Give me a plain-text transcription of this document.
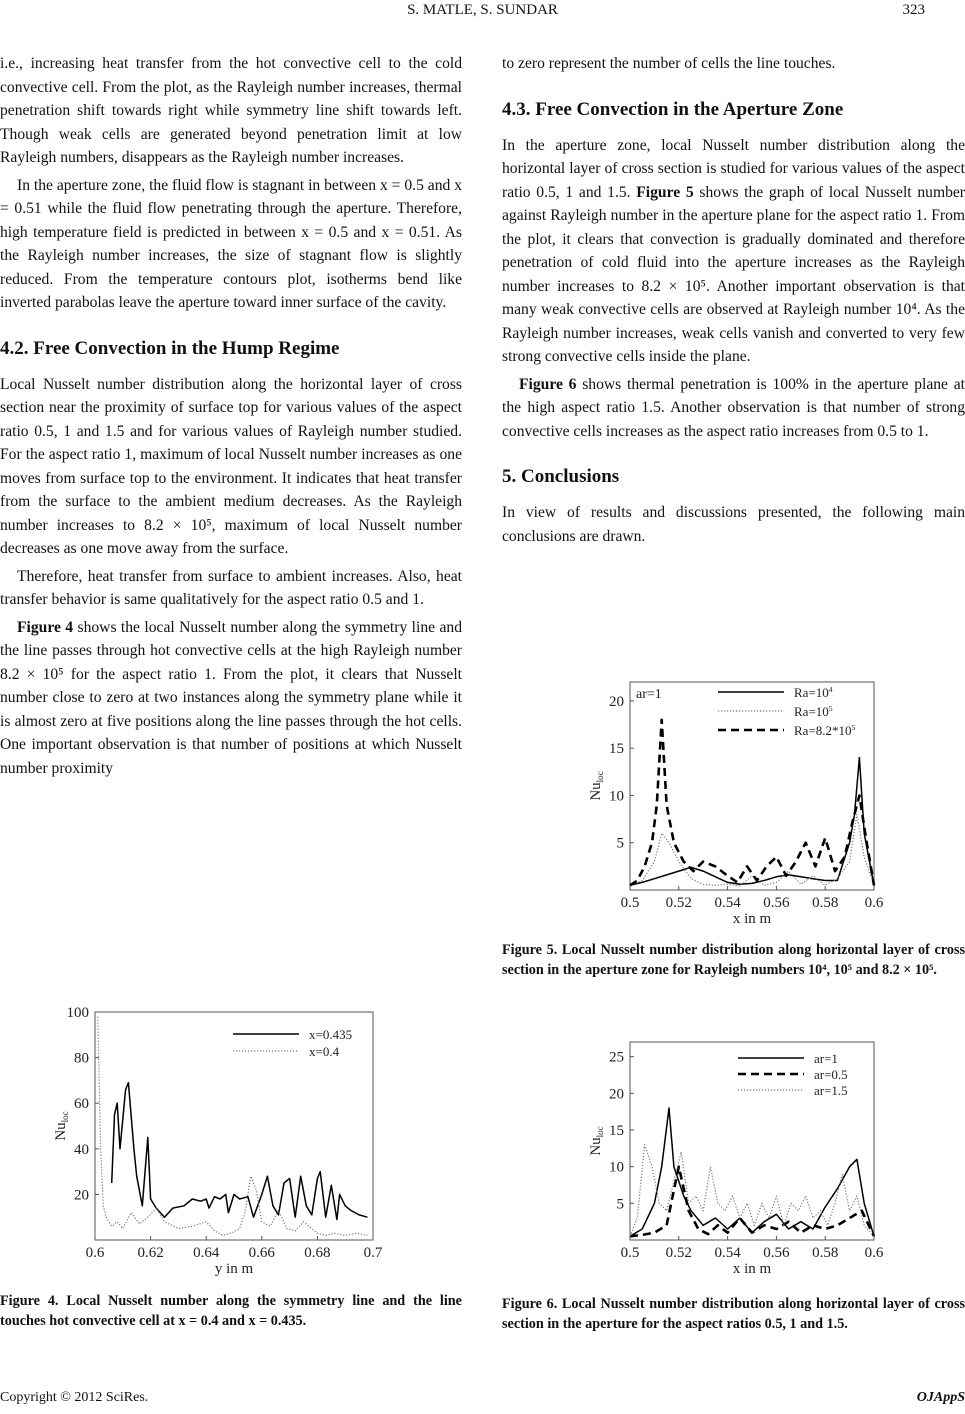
S. MATLE, S. SUNDAR	323

i.e., increasing heat transfer from the hot convective cell to the cold convective cell. From the plot, as the Rayleigh number increases, thermal penetration shift towards right while symmetry line shift towards left. Though weak cells are generated beyond penetration limit at low Rayleigh numbers, disappears as the Rayleigh number increases.

In the aperture zone, the fluid flow is stagnant in between x = 0.5 and x = 0.51 while the fluid flow penetrating through the aperture. Therefore, high temperature field is predicted in between x = 0.5 and x = 0.51. As the Rayleigh number increases, the size of stagnant flow is slightly reduced. From the temperature contours plot, isotherms bend like inverted parabolas leave the aperture toward inner surface of the cavity.

4.2. Free Convection in the Hump Regime

Local Nusselt number distribution along the horizontal layer of cross section near the proximity of surface top for various values of the aspect ratio 0.5, 1 and 1.5 and for various values of Rayleigh number studied. For the aspect ratio 1, maximum of local Nusselt number increases as one moves from surface top to the environment. It indicates that heat transfer from the surface to the ambient medium decreases. As the Rayleigh number increases to 8.2 × 10⁵, maximum of local Nusselt number decreases as one move away from the surface.

Therefore, heat transfer from surface to ambient increases. Also, heat transfer behavior is same qualitatively for the aspect ratio 0.5 and 1.

Figure 4 shows the local Nusselt number along the symmetry line and the line passes through hot convective cells at the high Rayleigh number 8.2 × 10⁵ for the aspect ratio 1. From the plot, it clears that Nusselt number close to zero at two instances along the symmetry plane while it is almost zero at five positions along the line passes through the hot cells. One important observation is that number of positions at which Nusselt number proximity

0.6 0.62 0.64 0.66 0.68 0.7
20
40
60
80
100
y in m
$Nu_{loc}$
x=0.435
x=0.4
Figure 4. Local Nusselt number along the symmetry line and the line touches hot convective cell at x = 0.4 and x = 0.435.

to zero represent the number of cells the line touches.

4.3. Free Convection in the Aperture Zone

In the aperture zone, local Nusselt number distribution along the horizontal layer of cross section is studied for various values of the aspect ratio 0.5, 1 and 1.5. Figure 5 shows the graph of local Nusselt number against Rayleigh number in the aperture plane for the aspect ratio 1. From the plot, it clears that convection is gradually dominated and therefore penetration of cold fluid into the aperture increases as the Rayleigh number increases to 8.2 × 10⁵. Another important observation is that many weak convective cells are observed at Rayleigh number 10⁴. As the Rayleigh number increases, weak cells vanish and converted to very few strong convective cells inside the plane.

Figure 6 shows thermal penetration is 100% in the aperture plane at the high aspect ratio 1.5. Another observation is that number of strong convective cells increases as the aspect ratio increases from 0.5 to 1.

5. Conclusions

In view of results and discussions presented, the following main conclusions are drawn.

0.5 0.52 0.54 0.56 0.58 0.6
5
10
15
20
x in m
$Nu_{loc}$
ar=1	$Ra=10^4$
$Ra=10^5$
$Ra=8.2*10^5$
Figure 5. Local Nusselt number distribution along horizontal layer of cross section in the aperture zone for Rayleigh numbers 10⁴, 10⁵ and 8.2 × 10⁵.
0.5 0.52 0.54 0.56 0.58 0.6
5
10
15
20
25
x in m
$Nu_{loc}$
ar=1
ar=0.5
ar=1.5
Figure 6. Local Nusselt number distribution along horizontal layer of cross section in the aperture for the aspect ratios 0.5, 1 and 1.5.
Copyright © 2012 SciRes.	OJAppS
